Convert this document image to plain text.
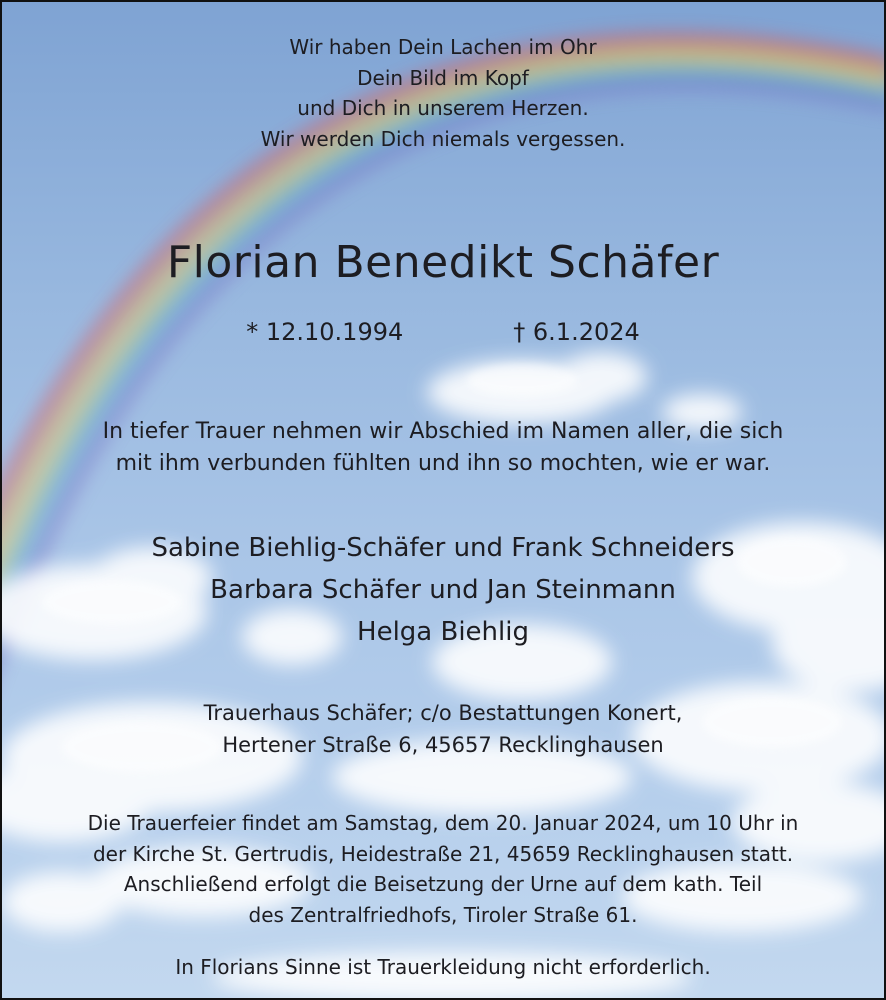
Wir haben Dein Lachen im Ohr
Dein Bild im Kopf
und Dich in unserem Herzen.
Wir werden Dich niemals vergessen.
Florian Benedikt Schäfer
* 12.10.1994	† 6.1.2024
In tiefer Trauer nehmen wir Abschied im Namen aller, die sich
mit ihm verbunden fühlten und ihn so mochten, wie er war.
Sabine Biehlig-Schäfer und Frank Schneiders
Barbara Schäfer und Jan Steinmann
Helga Biehlig
Trauerhaus Schäfer; c/o Bestattungen Konert,
Hertener Straße 6, 45657 Recklinghausen
Die Trauerfeier findet am Samstag, dem 20. Januar 2024, um 10 Uhr in
der Kirche St. Gertrudis, Heidestraße 21, 45659 Recklinghausen statt.
Anschließend erfolgt die Beisetzung der Urne auf dem kath. Teil
des Zentralfriedhofs, Tiroler Straße 61.
In Florians Sinne ist Trauerkleidung nicht erforderlich.
